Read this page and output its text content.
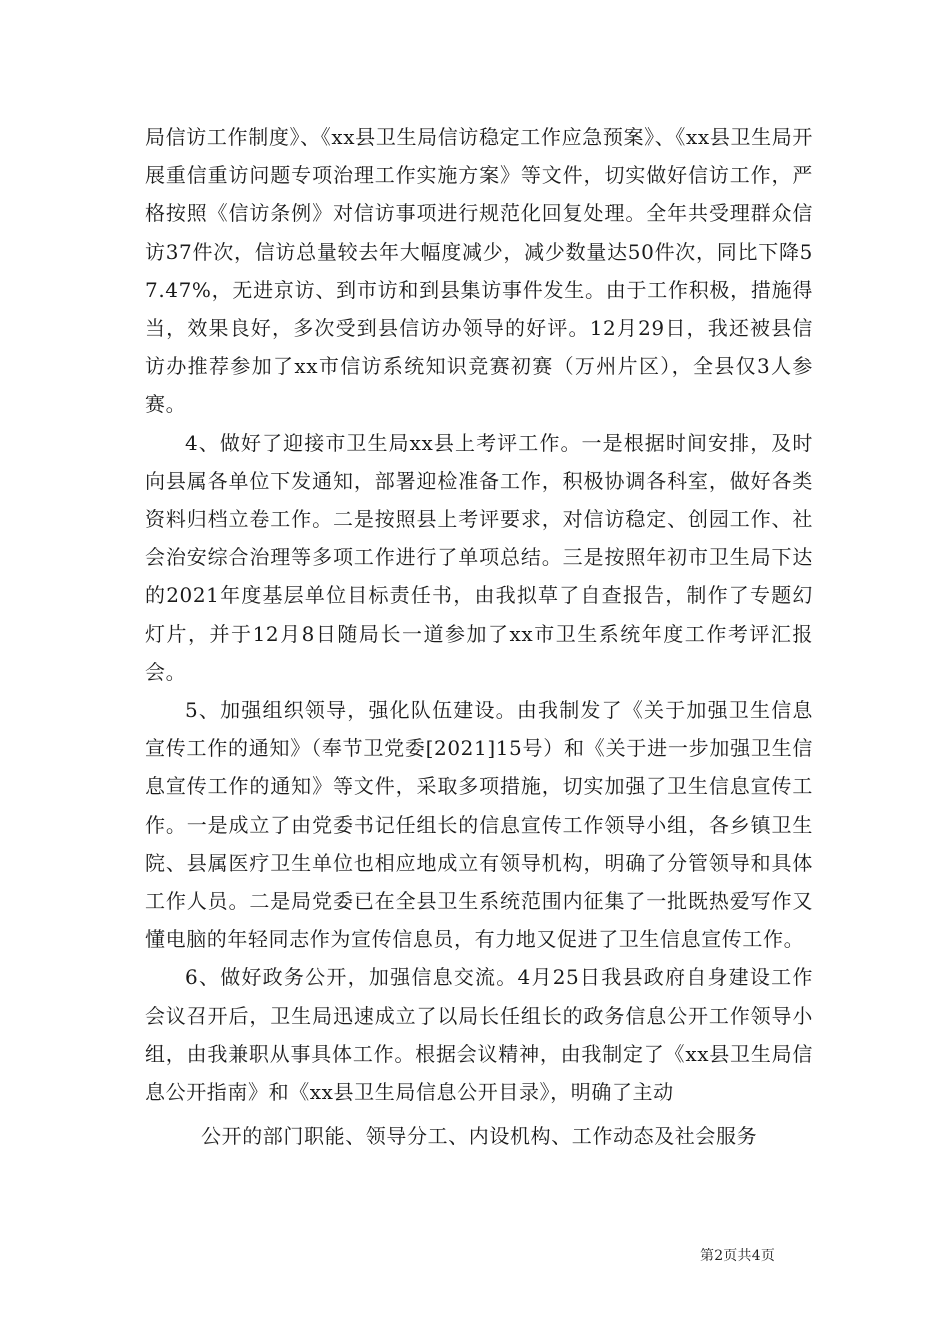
局信访工作制度》、《xx县卫生局信访稳定工作应急预案》、《xx县卫生局开展重信重访问题专项治理工作实施方案》等文件，切实做好信访工作，严格按照《信访条例》对信访事项进行规范化回复处理。全年共受理群众信访37件次，信访总量较去年大幅度减少，减少数量达50件次，同比下降57.47%，无进京访、到市访和到县集访事件发生。由于工作积极，措施得当，效果良好，多次受到县信访办领导的好评。12月29日，我还被县信访办推荐参加了xx市信访系统知识竞赛初赛（万州片区），全县仅3人参赛。

4、做好了迎接市卫生局xx县上考评工作。一是根据时间安排，及时向县属各单位下发通知，部署迎检准备工作，积极协调各科室，做好各类资料归档立卷工作。二是按照县上考评要求，对信访稳定、创园工作、社会治安综合治理等多项工作进行了单项总结。三是按照年初市卫生局下达的2021年度基层单位目标责任书，由我拟草了自查报告，制作了专题幻灯片，并于12月8日随局长一道参加了xx市卫生系统年度工作考评汇报会。

5、加强组织领导，强化队伍建设。由我制发了《关于加强卫生信息宣传工作的通知》（奉节卫党委[2021]15号）和《关于进一步加强卫生信息宣传工作的通知》等文件，采取多项措施，切实加强了卫生信息宣传工作。一是成立了由党委书记任组长的信息宣传工作领导小组，各乡镇卫生院、县属医疗卫生单位也相应地成立有领导机构，明确了分管领导和具体工作人员。二是局党委已在全县卫生系统范围内征集了一批既热爱写作又懂电脑的年轻同志作为宣传信息员，有力地又促进了卫生信息宣传工作。

6、做好政务公开，加强信息交流。4月25日我县政府自身建设工作会议召开后，卫生局迅速成立了以局长任组长的政务信息公开工作领导小组，由我兼职从事具体工作。根据会议精神，由我制定了《xx县卫生局信息公开指南》和《xx县卫生局信息公开目录》，明确了主动

公开的部门职能、领导分工、内设机构、工作动态及社会服务

第2页共4页
